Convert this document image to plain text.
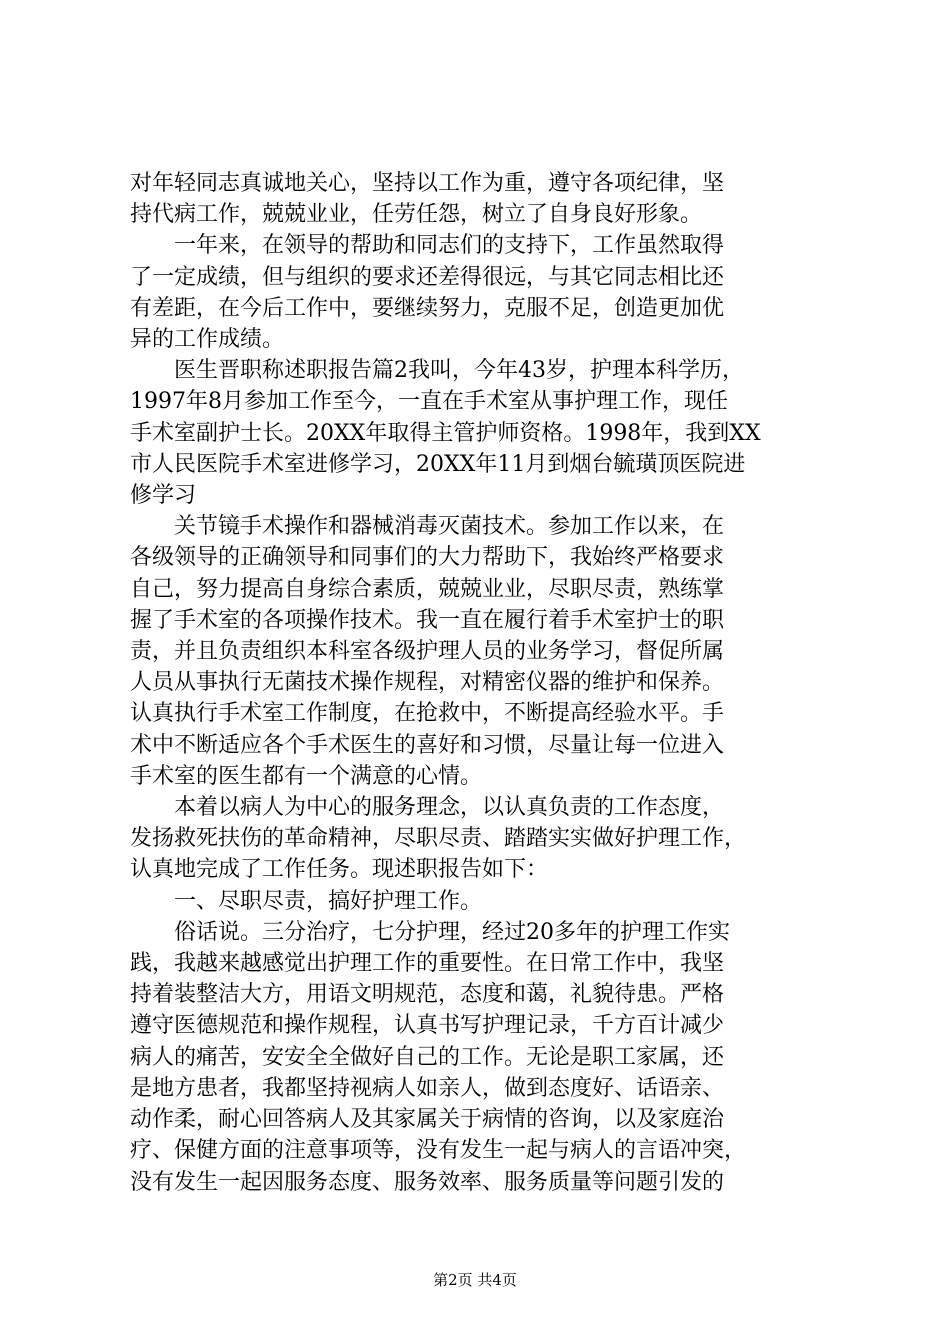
对年轻同志真诚地关心，坚持以工作为重，遵守各项纪律，坚
持代病工作，兢兢业业，任劳任怨，树立了自身良好形象。
　　一年来，在领导的帮助和同志们的支持下，工作虽然取得
了一定成绩，但与组织的要求还差得很远，与其它同志相比还
有差距，在今后工作中，要继续努力，克服不足，创造更加优
异的工作成绩。
　　医生晋职称述职报告篇2我叫，今年43岁，护理本科学历，
1997年8月参加工作至今，一直在手术室从事护理工作，现任
手术室副护士长。20XX年取得主管护师资格。1998年，我到XX
市人民医院手术室进修学习，20XX年11月到烟台毓璜顶医院进
修学习
　　关节镜手术操作和器械消毒灭菌技术。参加工作以来，在
各级领导的正确领导和同事们的大力帮助下，我始终严格要求
自己，努力提高自身综合素质，兢兢业业，尽职尽责，熟练掌
握了手术室的各项操作技术。我一直在履行着手术室护士的职
责，并且负责组织本科室各级护理人员的业务学习，督促所属
人员从事执行无菌技术操作规程，对精密仪器的维护和保养。
认真执行手术室工作制度，在抢救中，不断提高经验水平。手
术中不断适应各个手术医生的喜好和习惯，尽量让每一位进入
手术室的医生都有一个满意的心情。
　　本着以病人为中心的服务理念，以认真负责的工作态度，
发扬救死扶伤的革命精神，尽职尽责、踏踏实实做好护理工作，
认真地完成了工作任务。现述职报告如下：
　　一、尽职尽责，搞好护理工作。
　　俗话说。三分治疗，七分护理，经过20多年的护理工作实
践，我越来越感觉出护理工作的重要性。在日常工作中，我坚
持着装整洁大方，用语文明规范，态度和蔼，礼貌待患。严格
遵守医德规范和操作规程，认真书写护理记录，千方百计减少
病人的痛苦，安安全全做好自己的工作。无论是职工家属，还
是地方患者，我都坚持视病人如亲人，做到态度好、话语亲、
动作柔，耐心回答病人及其家属关于病情的咨询，以及家庭治
疗、保健方面的注意事项等，没有发生一起与病人的言语冲突，
没有发生一起因服务态度、服务效率、服务质量等问题引发的
第2页 共4页
